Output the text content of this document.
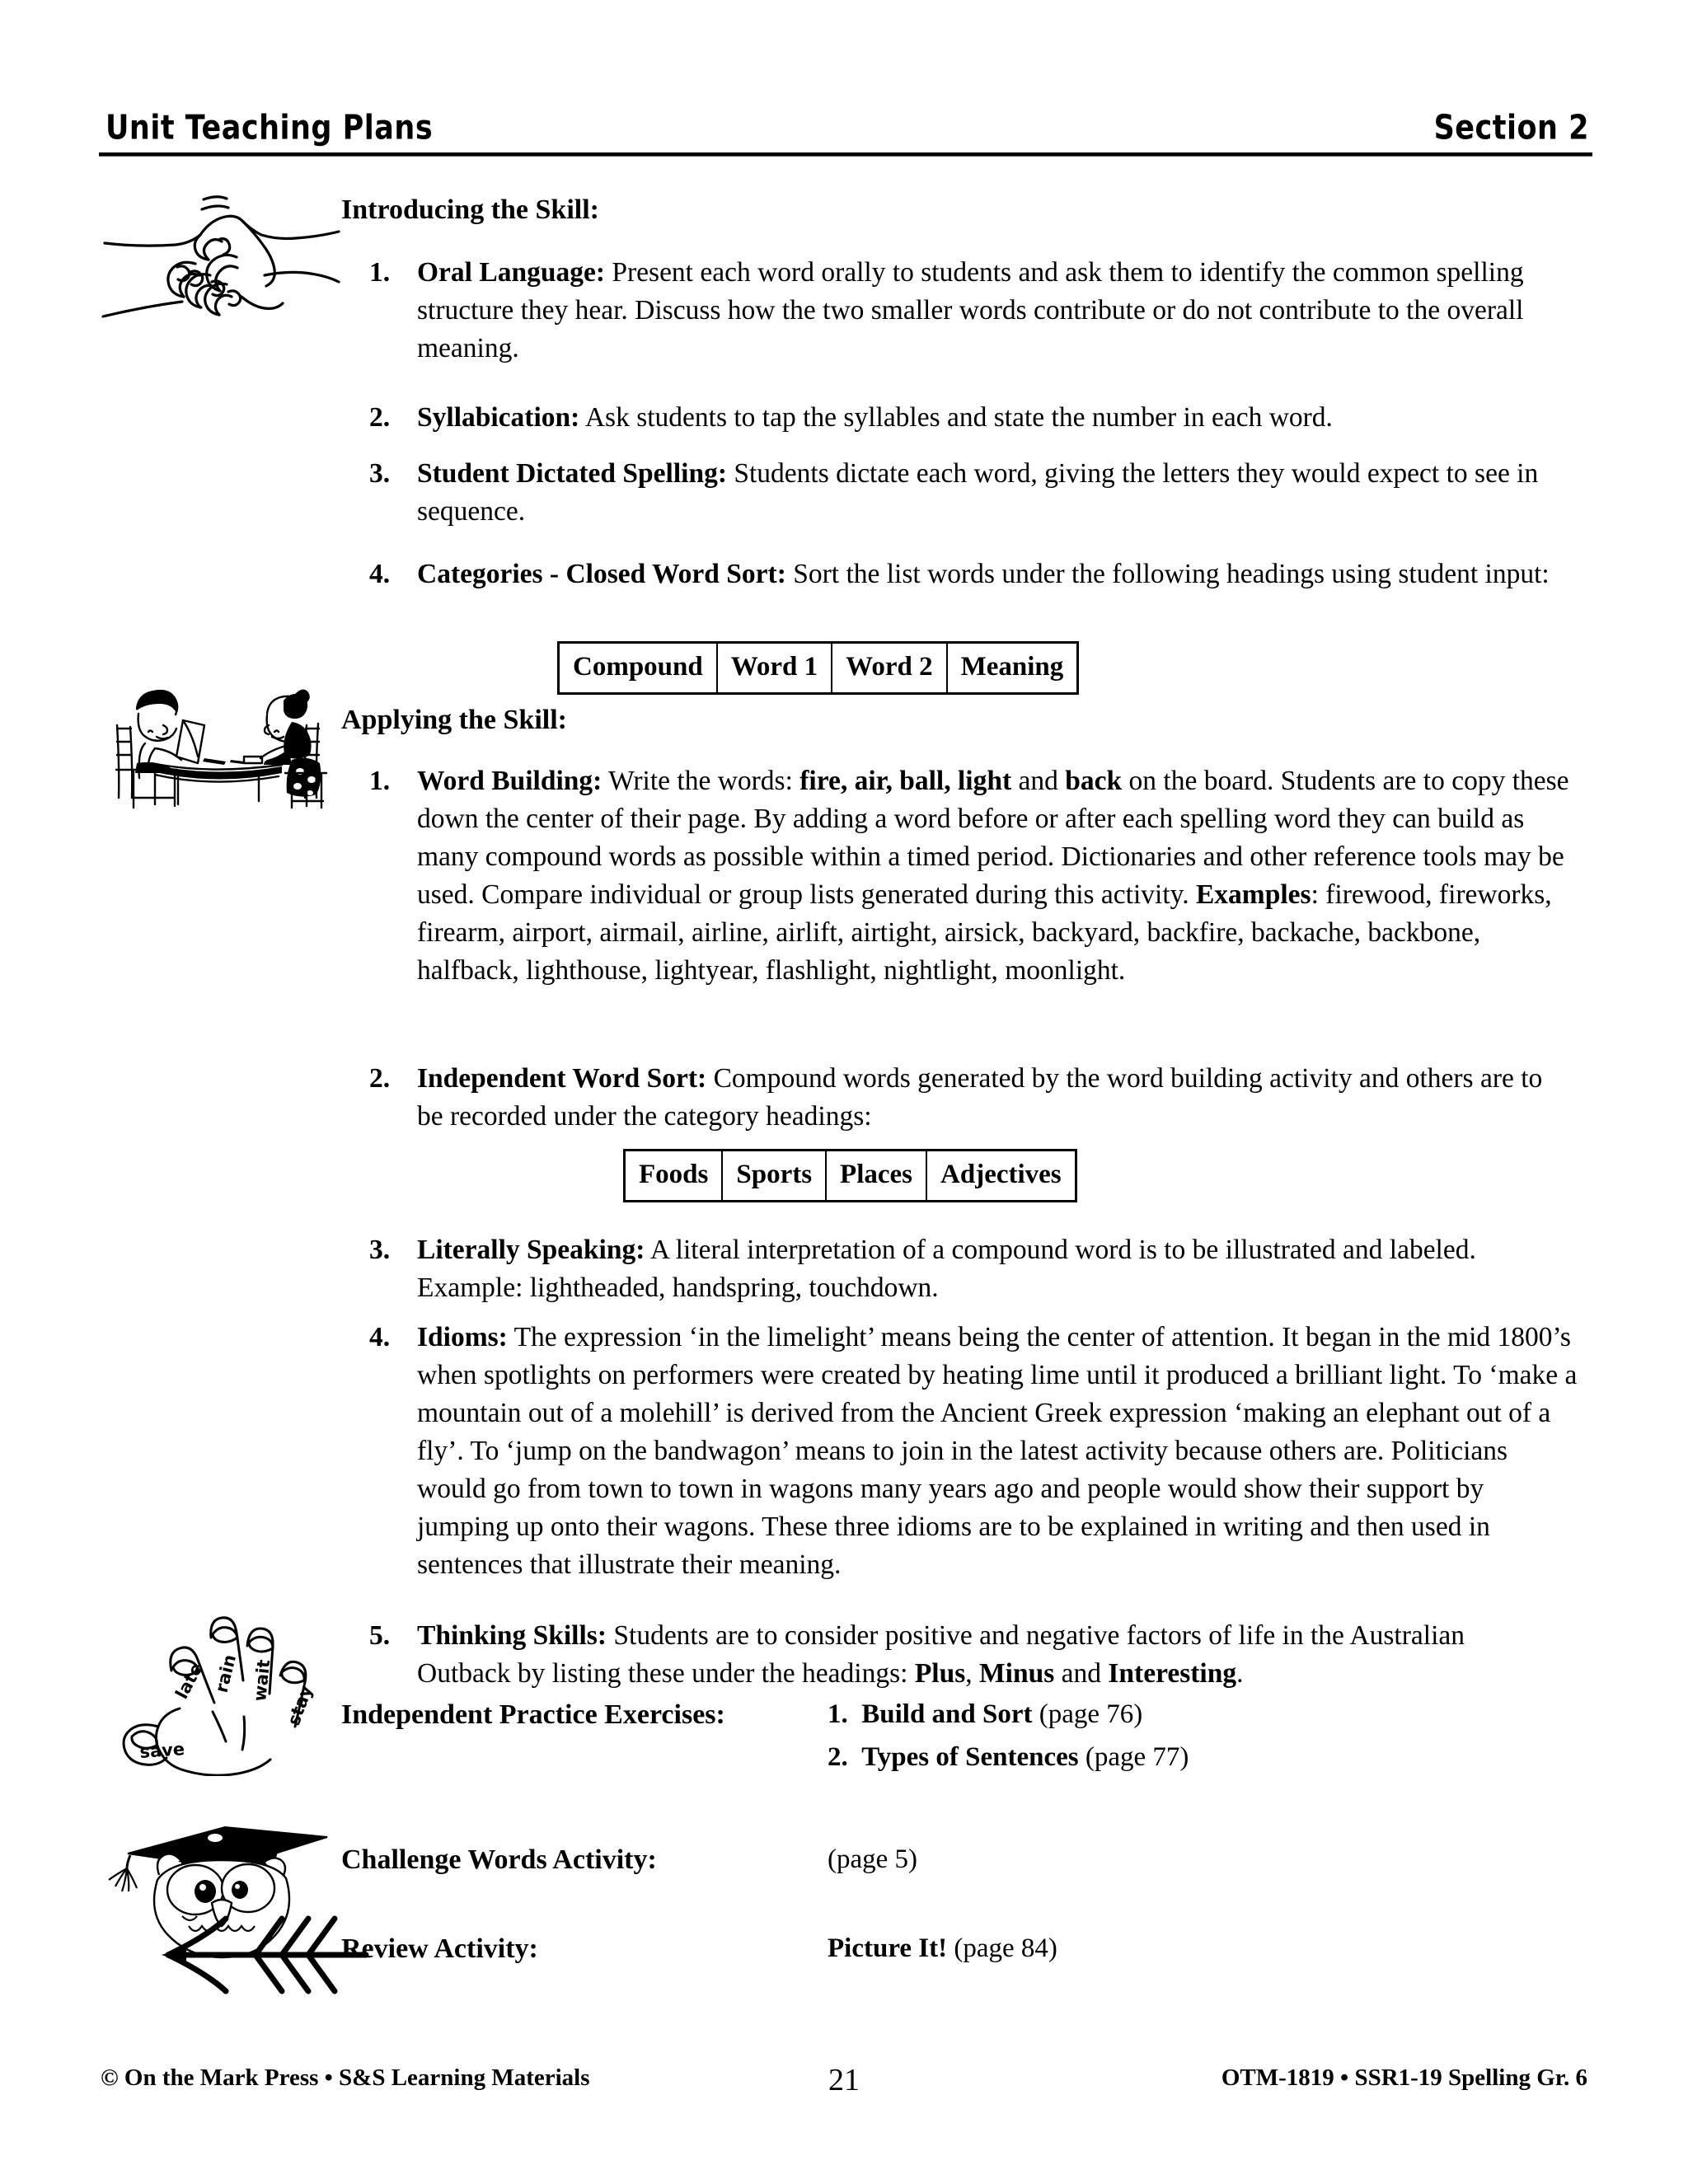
Unit Teaching Plans	Section 2
Introducing the Skill:
1. Oral Language: Present each word orally to students and ask them to identify the common spelling structure they hear. Discuss how the two smaller words contribute or do not contribute to the overall meaning.
2. Syllabication: Ask students to tap the syllables and state the number in each word.
3. Student Dictated Spelling: Students dictate each word, giving the letters they would expect to see in sequence.
4. Categories - Closed Word Sort: Sort the list words under the following headings using student input:
Compound	Word 1	Word 2	Meaning
Applying the Skill:
1. Word Building: Write the words: fire, air, ball, light and back on the board. Students are to copy these down the center of their page. By adding a word before or after each spelling word they can build as many compound words as possible within a timed period. Dictionaries and other reference tools may be used. Compare individual or group lists generated during this activity. Examples: firewood, fireworks, firearm, airport, airmail, airline, airlift, airtight, airsick, backyard, backfire, backache, backbone, halfback, lighthouse, lightyear, flashlight, nightlight, moonlight.
2. Independent Word Sort: Compound words generated by the word building activity and others are to be recorded under the category headings:
Foods	Sports	Places	Adjectives
3. Literally Speaking: A literal interpretation of a compound word is to be illustrated and labeled. Example: lightheaded, handspring, touchdown.
4. Idioms: The expression ‘in the limelight’ means being the center of attention. It began in the mid 1800’s when spotlights on performers were created by heating lime until it produced a brilliant light. To ‘make a mountain out of a molehill’ is derived from the Ancient Greek expression ‘making an elephant out of a fly’. To ‘jump on the bandwagon’ means to join in the latest activity because others are. Politicians would go from town to town in wagons many years ago and people would show their support by jumping up onto their wagons. These three idioms are to be explained in writing and then used in sentences that illustrate their meaning.
5. Thinking Skills: Students are to consider positive and negative factors of life in the Australian Outback by listing these under the headings: Plus, Minus and Interesting.
late rain wait
stay
save
Independent Practice Exercises:	1. Build and Sort (page 76)
2. Types of Sentences (page 77)
Challenge Words Activity:	(page 5)
Review Activity:	Picture It! (page 84)
© On the Mark Press • S&S Learning Materials	21	OTM-1819 • SSR1-19 Spelling Gr. 6
